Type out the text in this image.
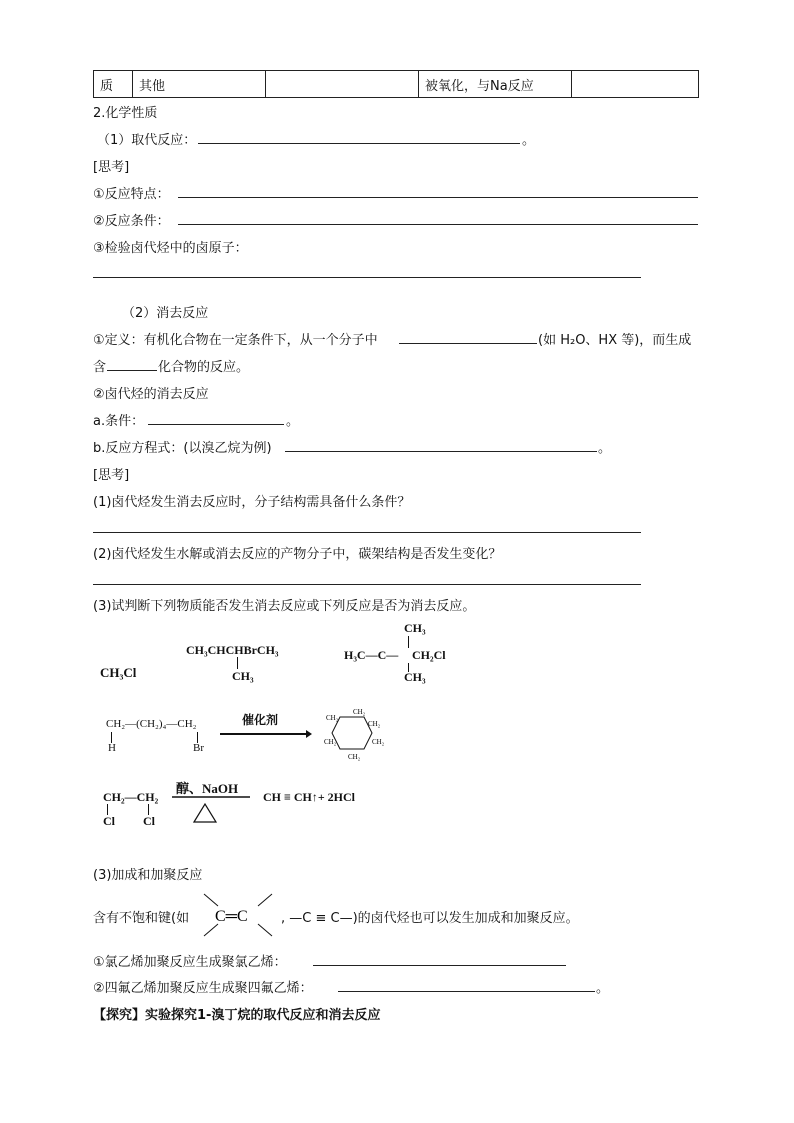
质	其他		被氧化，与Na反应	
2.化学性质
（1）取代反应：	。
[思考]
①反应特点：
②反应条件：
③检验卤代烃中的卤原子：
（2）消去反应
①定义：有机化合物在一定条件下，从一个分子中	(如 H₂O、HX 等)，而生成
含	化合物的反应。
②卤代烃的消去反应
a.条件：	。
b.反应方程式：(以溴乙烷为例)	。
[思考]
(1)卤代烃发生消去反应时，分子结构需具备什么条件？
(2)卤代烃发生水解或消去反应的产物分子中，碳架结构是否发生变化？
(3)试判断下列物质能否发生消去反应或下列反应是否为消去反应。
CH₃Cl
CH₃CHCHBrCH₃
CH₃
CH₃
H₃C—C— CH₂Cl
CH₃
CH₂—(CH₂)₄—CH₂
H	Br
催化剂	CH₂
CH₂
CH₂
CH₂
CH₂
CH₂
醇、NaOH
CH₂—CH₂
Cl Cl
CH ≡ CH↑+ 2HCl
(3)加成和加聚反应
含有不饱和键(如 C═C	, —C ≡ C—)的卤代烃也可以发生加成和加聚反应。
①氯乙烯加聚反应生成聚氯乙烯：
②四氟乙烯加聚反应生成聚四氟乙烯：	。
【探究】实验探究1-溴丁烷的取代反应和消去反应
